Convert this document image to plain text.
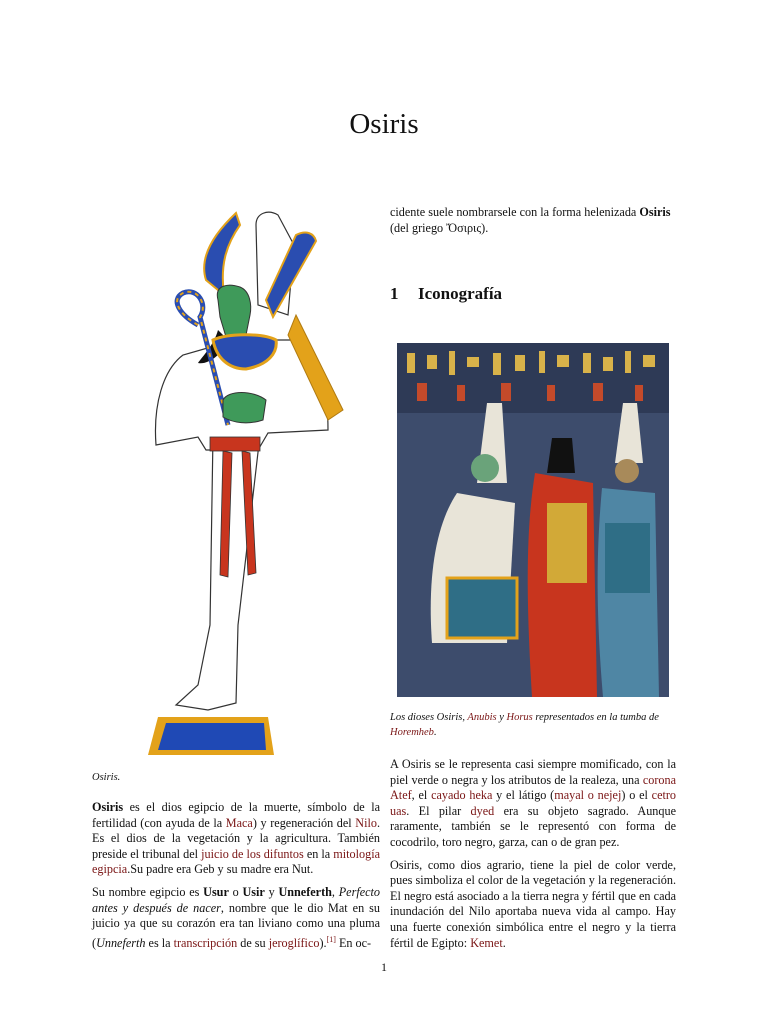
Osiris

Osiris.

Osiris es el dios egipcio de la muerte, símbolo de la fertilidad (con ayuda de la Maca) y regeneración del Nilo. Es el dios de la vegetación y la agricultura. También preside el tribunal del juicio de los difuntos en la mitología egipcia.Su padre era Geb y su madre era Nut.

Su nombre egipcio es Usur o Usir y Unneferth, Perfecto antes y después de nacer, nombre que le dio Mat en su juicio ya que su corazón era tan liviano como una pluma (Unneferth es la transcripción de su jeroglífico).[1] En oc-

cidente suele nombrarsele con la forma helenizada Osiris (del griego Ὄσιρις).

1 Iconografía

Los dioses Osiris, Anubis y Horus representados en la tumba de Horemheb.

A Osiris se le representa casi siempre momificado, con la piel verde o negra y los atributos de la realeza, una corona Atef, el cayado heka y el látigo (mayal o nejej) o el cetro uas. El pilar dyed era su objeto sagrado. Aunque raramente, también se le representó con forma de cocodrilo, toro negro, garza, can o de gran pez.

Osiris, como dios agrario, tiene la piel de color verde, pues simboliza el color de la vegetación y la regeneración. El negro está asociado a la tierra negra y fértil que en cada inundación del Nilo aportaba nueva vida al campo. Hay una fuerte conexión simbólica entre el negro y la tierra fértil de Egipto: Kemet.

1
